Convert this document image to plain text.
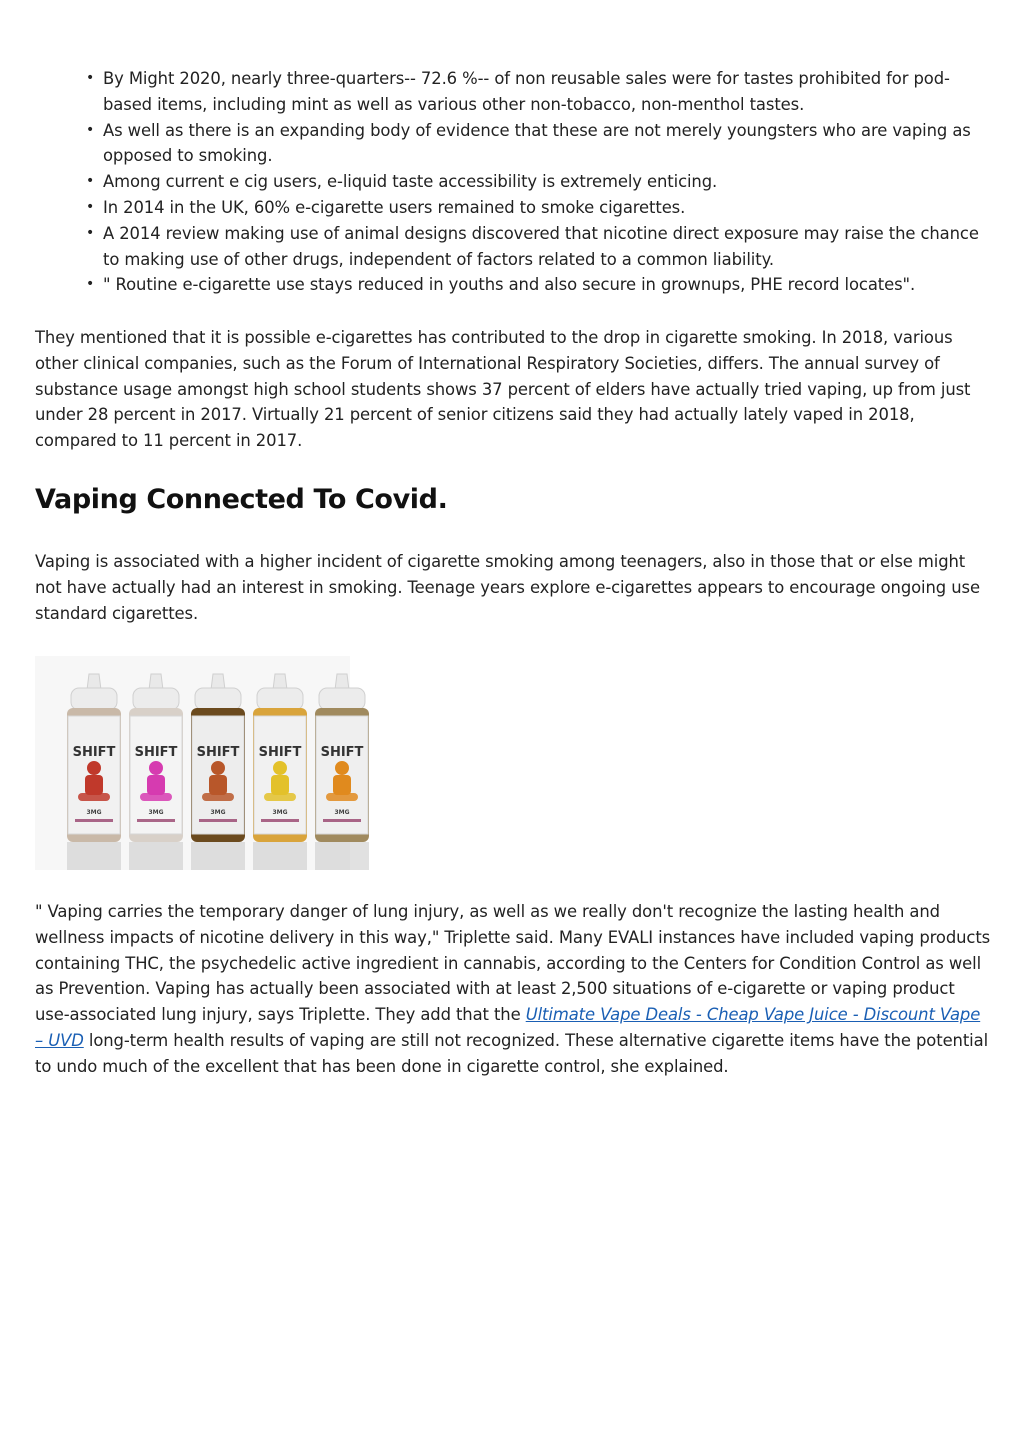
• By Might 2020, nearly three-quarters-- 72.6 %-- of non reusable sales were for tastes prohibited for pod-based items, including mint as well as various other non-tobacco, non-menthol tastes.
• As well as there is an expanding body of evidence that these are not merely youngsters who are vaping as opposed to smoking.
• Among current e cig users, e-liquid taste accessibility is extremely enticing.
• In 2014 in the UK, 60% e-cigarette users remained to smoke cigarettes.
• A 2014 review making use of animal designs discovered that nicotine direct exposure may raise the chance to making use of other drugs, independent of factors related to a common liability.
• " Routine e-cigarette use stays reduced in youths and also secure in grownups, PHE record locates".

They mentioned that it is possible e-cigarettes has contributed to the drop in cigarette smoking. In 2018, various other clinical companies, such as the Forum of International Respiratory Societies, differs. The annual survey of substance usage amongst high school students shows 37 percent of elders have actually tried vaping, up from just under 28 percent in 2017. Virtually 21 percent of senior citizens said they had actually lately vaped in 2018, compared to 11 percent in 2017.

Vaping Connected To Covid.

Vaping is associated with a higher incident of cigarette smoking among teenagers, also in those that or else might not have actually had an interest in smoking. Teenage years explore e-cigarettes appears to encourage ongoing use standard cigarettes.

SHIFT
3MG
SHIFT
3MG
SHIFT
3MG
SHIFT
3MG
SHIFT
3MG

" Vaping carries the temporary danger of lung injury, as well as we really don't recognize the lasting health and wellness impacts of nicotine delivery in this way," Triplette said. Many EVALI instances have included vaping products containing THC, the psychedelic active ingredient in cannabis, according to the Centers for Condition Control as well as Prevention. Vaping has actually been associated with at least 2,500 situations of e-cigarette or vaping product use-associated lung injury, says Triplette. They add that the Ultimate Vape Deals - Cheap Vape Juice - Discount Vape – UVD long-term health results of vaping are still not recognized. These alternative cigarette items have the potential to undo much of the excellent that has been done in cigarette control, she explained.
